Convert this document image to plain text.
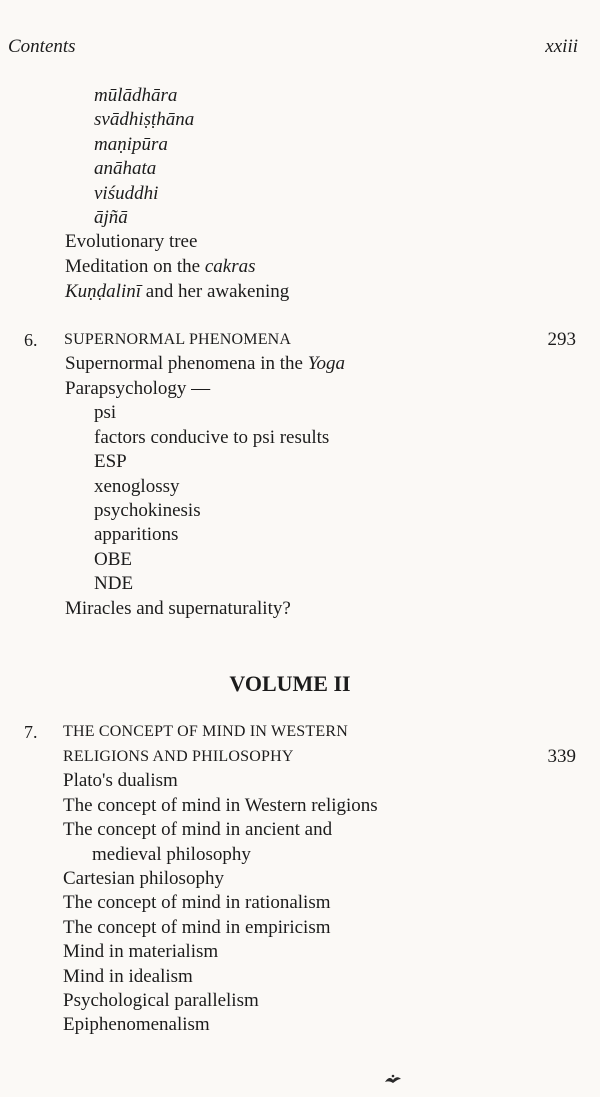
Contents	xxiii
mūlādhāra
svādhiṣṭhāna
maṇipūra
anāhata
viśuddhi
ājñā
Evolutionary tree
Meditation on the cakras
Kuṇḍalinī and her awakening
6. SUPERNORMAL PHENOMENA	293
Supernormal phenomena in the Yoga
Parapsychology —
psi
factors conducive to psi results
ESP
xenoglossy
psychokinesis
apparitions
OBE
NDE
Miracles and supernaturality?
VOLUME II
7. THE CONCEPT OF MIND IN WESTERN
RELIGIONS AND PHILOSOPHY	339
Plato's dualism
The concept of mind in Western religions
The concept of mind in ancient and
medieval philosophy
Cartesian philosophy
The concept of mind in rationalism
The concept of mind in empiricism
Mind in materialism
Mind in idealism
Psychological parallelism
Epiphenomenalism
